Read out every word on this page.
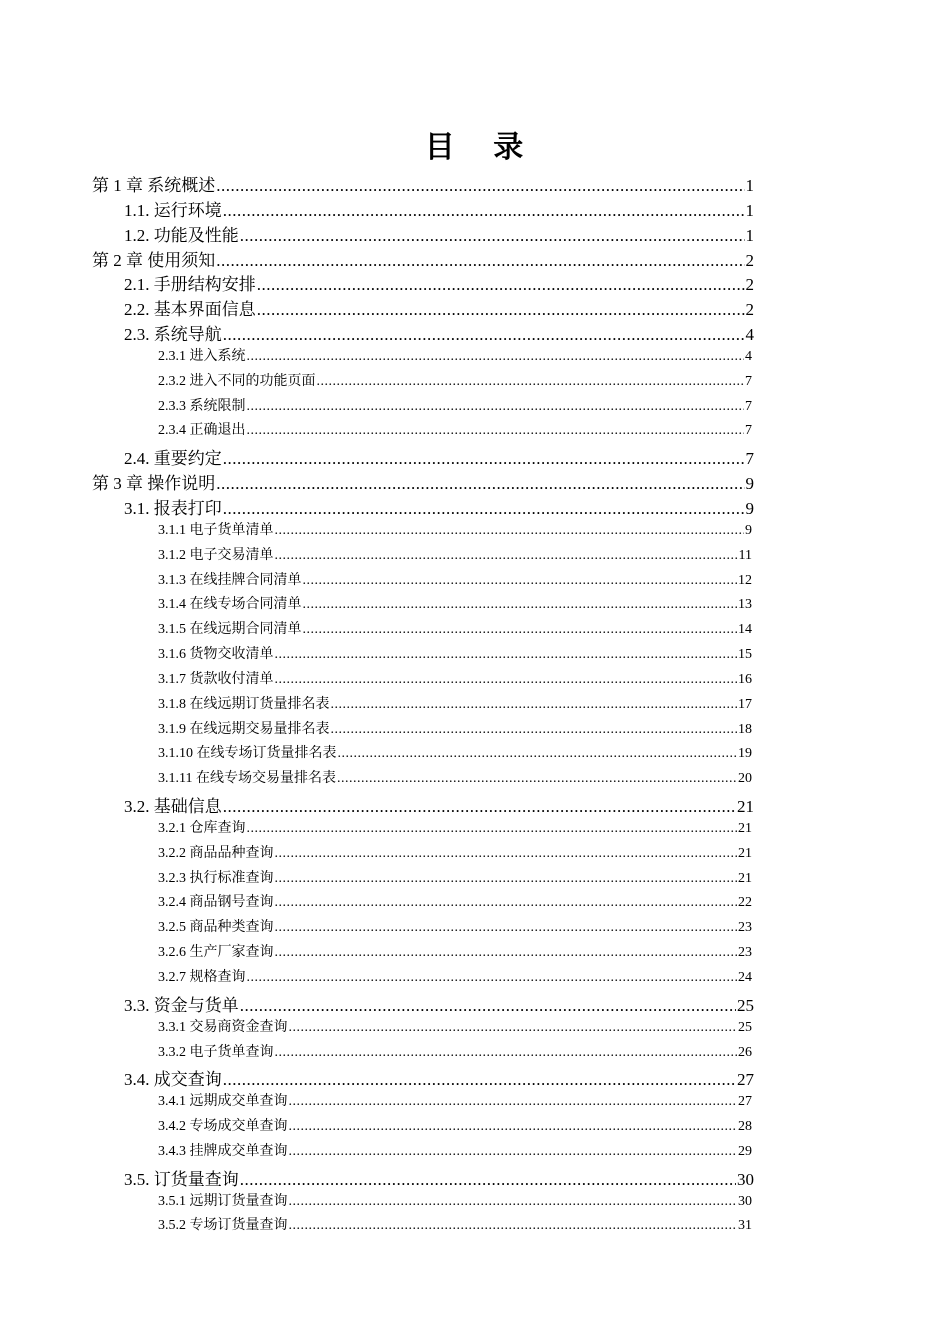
目 录
第 1 章 系统概述 .....	1
1.1. 运行环境 .....	1
1.2. 功能及性能 .....	1
第 2 章 使用须知 .....	2
2.1. 手册结构安排 .....	2
2.2. 基本界面信息 .....	2
2.3. 系统导航 .....	4
2.3.1 进入系统 .....	4
2.3.2 进入不同的功能页面 .....	7
2.3.3 系统限制 .....	7
2.3.4 正确退出 .....	7
2.4. 重要约定 .....	7
第 3 章 操作说明 .....	9
3.1. 报表打印 .....	9
3.1.1 电子货单清单 .....	9
3.1.2 电子交易清单 .....	11
3.1.3 在线挂牌合同清单 .....	12
3.1.4 在线专场合同清单 .....	13
3.1.5 在线远期合同清单 .....	14
3.1.6 货物交收清单 .....	15
3.1.7 货款收付清单 .....	16
3.1.8 在线远期订货量排名表 .....	17
3.1.9 在线远期交易量排名表 .....	18
3.1.10 在线专场订货量排名表 .....	19
3.1.11 在线专场交易量排名表 .....	20
3.2. 基础信息 .....	21
3.2.1 仓库查询 .....	21
3.2.2 商品品种查询 .....	21
3.2.3 执行标准查询 .....	21
3.2.4 商品钢号查询 .....	22
3.2.5 商品种类查询 .....	23
3.2.6 生产厂家查询 .....	23
3.2.7 规格查询 .....	24
3.3. 资金与货单 .....	25
3.3.1 交易商资金查询 .....	25
3.3.2 电子货单查询 .....	26
3.4. 成交查询 .....	27
3.4.1 远期成交单查询 .....	27
3.4.2 专场成交单查询 .....	28
3.4.3 挂牌成交单查询 .....	29
3.5. 订货量查询 .....	30
3.5.1 远期订货量查询 .....	30
3.5.2 专场订货量查询 .....	31
